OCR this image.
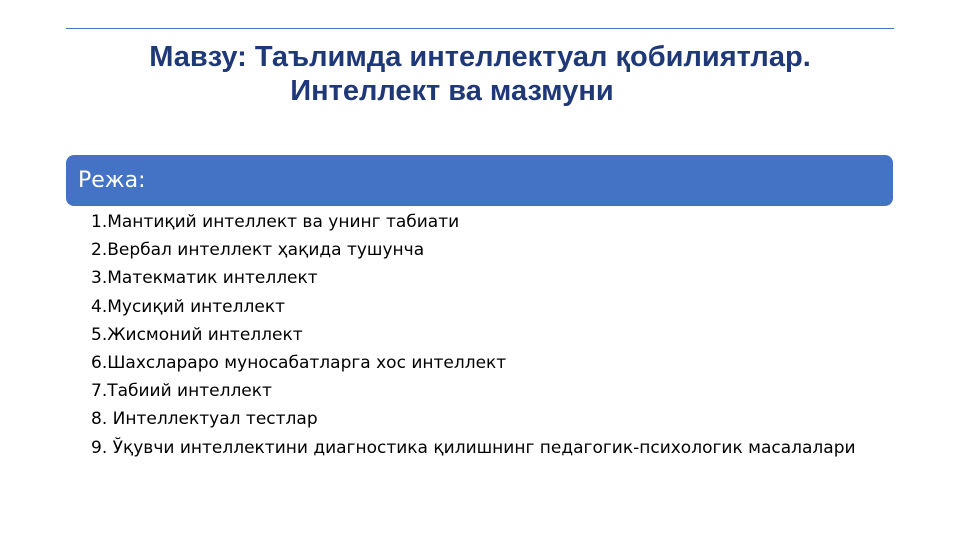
Мавзу: Таълимда интеллектуал қобилиятлар.
Интеллект ва мазмуни
Режа:
1.Мантиқий интеллект ва унинг табиати
2.Вербал интеллект ҳақида тушунча
3.Матекматик интеллект
4.Мусиқий интеллект
5.Жисмоний интеллект
6.Шахслараро муносабатларга хос интеллект
7.Табиий интеллект
8. Интеллектуал тестлар
9. Ўқувчи интеллектини диагностика қилишнинг педагогик-психологик масалалари
